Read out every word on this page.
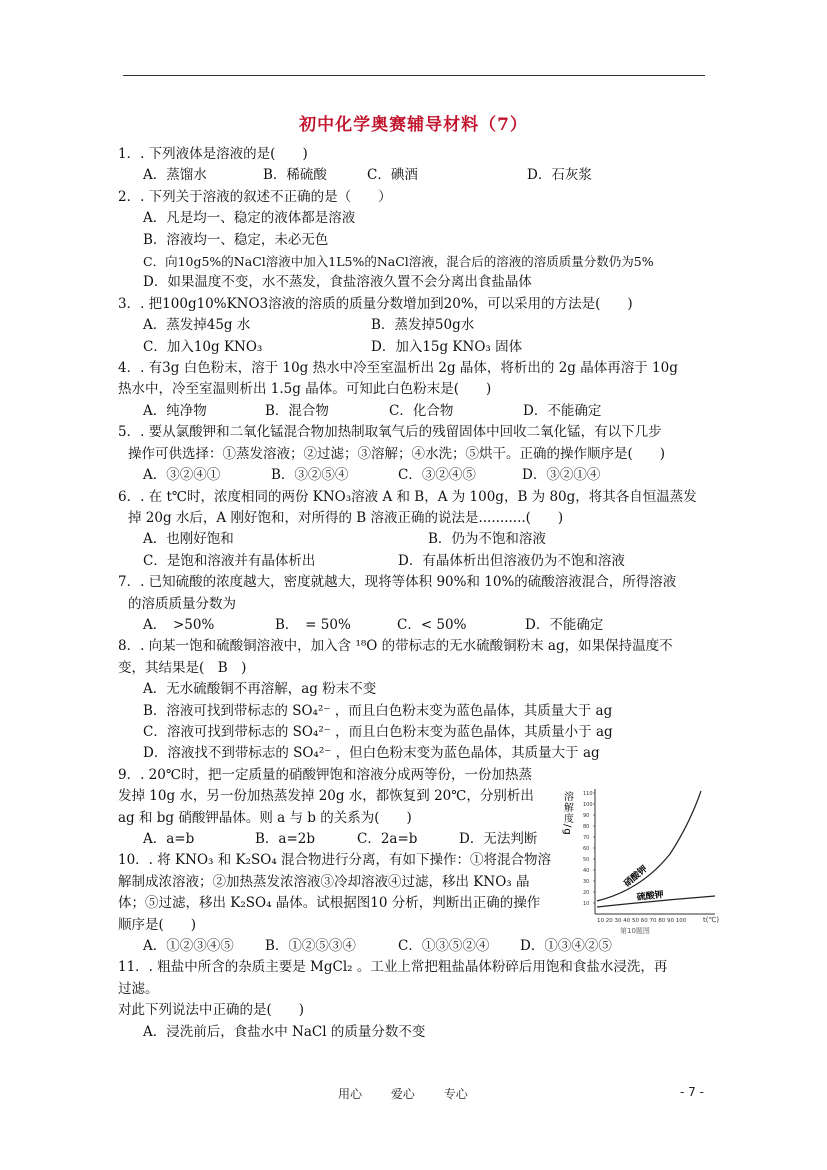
初中化学奥赛辅导材料（7）
1．. 下列液体是溶液的是(　　)
A．蒸馏水	B．稀硫酸	C．碘酒	D．石灰浆
2．. 下列关于溶液的叙述不正确的是（　　）
A．凡是均一、稳定的液体都是溶液
B．溶液均一、稳定，未必无色
C．向10g5%的NaCl溶液中加入1L5%的NaCl溶液，混合后的溶液的溶质质量分数仍为5%
D．如果温度不变，水不蒸发，食盐溶液久置不会分离出食盐晶体
3．. 把100g10%KNO3溶液的溶质的质量分数增加到20%，可以采用的方法是(　　)
A．蒸发掉45g 水	B．蒸发掉50g水
C．加入10g KNO₃	D．加入15g KNO₃ 固体
4．. 有3g 白色粉末，溶于 10g 热水中冷至室温析出 2g 晶体，将析出的 2g 晶体再溶于 10g
热水中，冷至室温则析出 1.5g 晶体。可知此白色粉末是(　　)
A．纯净物	B．混合物	C．化合物	D．不能确定
5．. 要从氯酸钾和二氧化锰混合物加热制取氧气后的残留固体中回收二氧化锰，有以下几步
操作可供选择：①蒸发溶液；②过滤；③溶解；④水洗；⑤烘干。正确的操作顺序是(　　)
A．③②④①	B．③②⑤④	C．③②④⑤	D．③②①④
6．. 在 t℃时，浓度相同的两份 KNO₃溶液 A 和 B，A 为 100g，B 为 80g，将其各自恒温蒸发
掉 20g 水后，A 刚好饱和，对所得的 B 溶液正确的说法是...........(　　)
A．也刚好饱和	B．仍为不饱和溶液
C．是饱和溶液并有晶体析出	D．有晶体析出但溶液仍为不饱和溶液
7．. 已知硫酸的浓度越大，密度就越大，现将等体积 90%和 10%的硫酸溶液混合，所得溶液
的溶质质量分数为
A．　>50%	B．　= 50%	C．< 50%	D．不能确定
8．. 向某一饱和硫酸铜溶液中，加入含 ¹⁸O 的带标志的无水硫酸铜粉末 ag，如果保持温度不
变，其结果是(　B　)
A．无水硫酸铜不再溶解，ag 粉末不变
B．溶液可找到带标志的 SO₄²⁻ ，而且白色粉末变为蓝色晶体，其质量大于 ag
C．溶液可找到带标志的 SO₄²⁻ ，而且白色粉末变为蓝色晶体，其质量小于 ag
D．溶液找不到带标志的 SO₄²⁻ ，但白色粉末变为蓝色晶体，其质量大于 ag
9．. 20℃时，把一定质量的硝酸钾饱和溶液分成两等份，一份加热蒸
发掉 10g 水，另一份加热蒸发掉 20g 水，都恢复到 20℃，分别析出
ag 和 bg 硝酸钾晶体。则 a 与 b 的关系为(　　)
A．a=b	B．a=2b	C．2a=b	D．无法判断
10．. 将 KNO₃ 和 K₂SO₄ 混合物进行分离，有如下操作：①将混合物溶
解制成浓溶液；②加热蒸发浓溶液③冷却溶液④过滤，移出 KNO₃ 晶
体；⑤过滤，移出 K₂SO₄ 晶体。试根据图10 分析，判断出正确的操作
顺序是(　　)
A．①②③④⑤	B．①②⑤③④	C．①③⑤②④	D．①③④②⑤
11．. 粗盐中所含的杂质主要是 MgCl₂ 。工业上常把粗盐晶体粉碎后用饱和食盐水浸洗，再
过滤。
对此下列说法中正确的是(　　)
A．浸洗前后，食盐水中 NaCl 的质量分数不变
溶解度/g 110
100
90
80
70
60
50
40
30
20
10
10 20 30 40 50 60 70 80 90 100 t(℃)
硝酸钾
硫酸钾
第10题图
用心 爱心 专心	- 7 -
